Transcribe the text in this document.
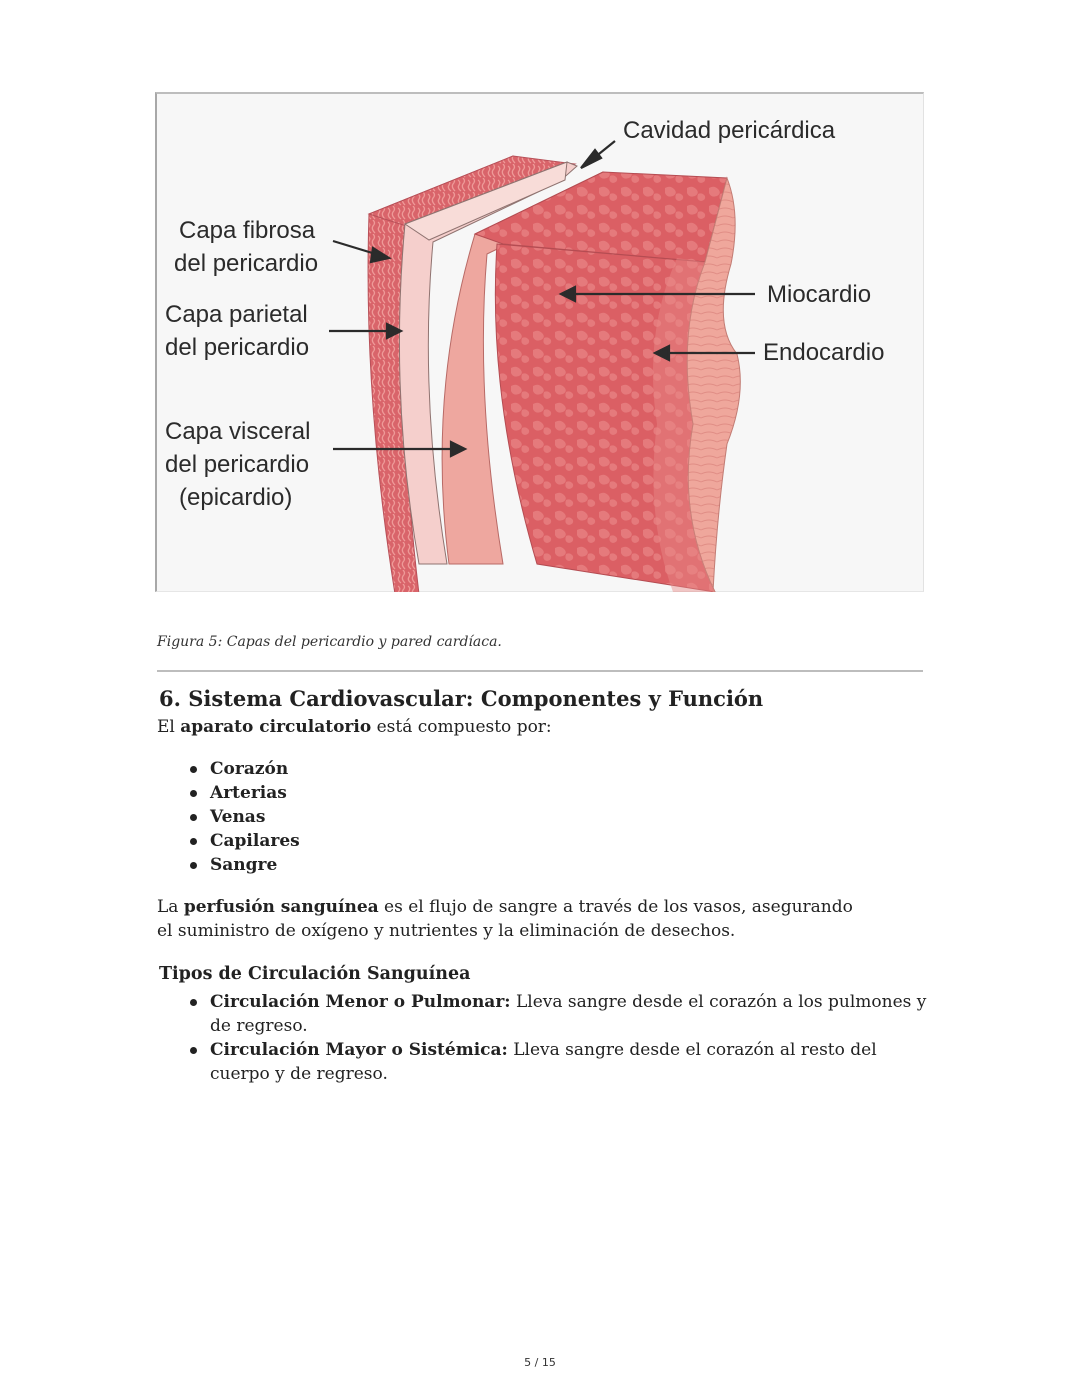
Cavidad pericárdica
Capa fibrosa
del pericardio
Capa parietal
del pericardio
Capa visceral
del pericardio
(epicardio)
Miocardio
Endocardio
Figura 5: Capas del pericardio y pared cardíaca.
6. Sistema Cardiovascular: Componentes y Función

El aparato circulatorio está compuesto por:

Corazón
Arterias
Venas
Capilares
Sangre

La perfusión sanguínea es el flujo de sangre a través de los vasos, asegurando el suministro de oxígeno y nutrientes y la eliminación de desechos.

Tipos de Circulación Sanguínea
Circulación Menor o Pulmonar: Lleva sangre desde el corazón a los pulmones y de regreso.
Circulación Mayor o Sistémica: Lleva sangre desde el corazón al resto del cuerpo y de regreso.
5 / 15
